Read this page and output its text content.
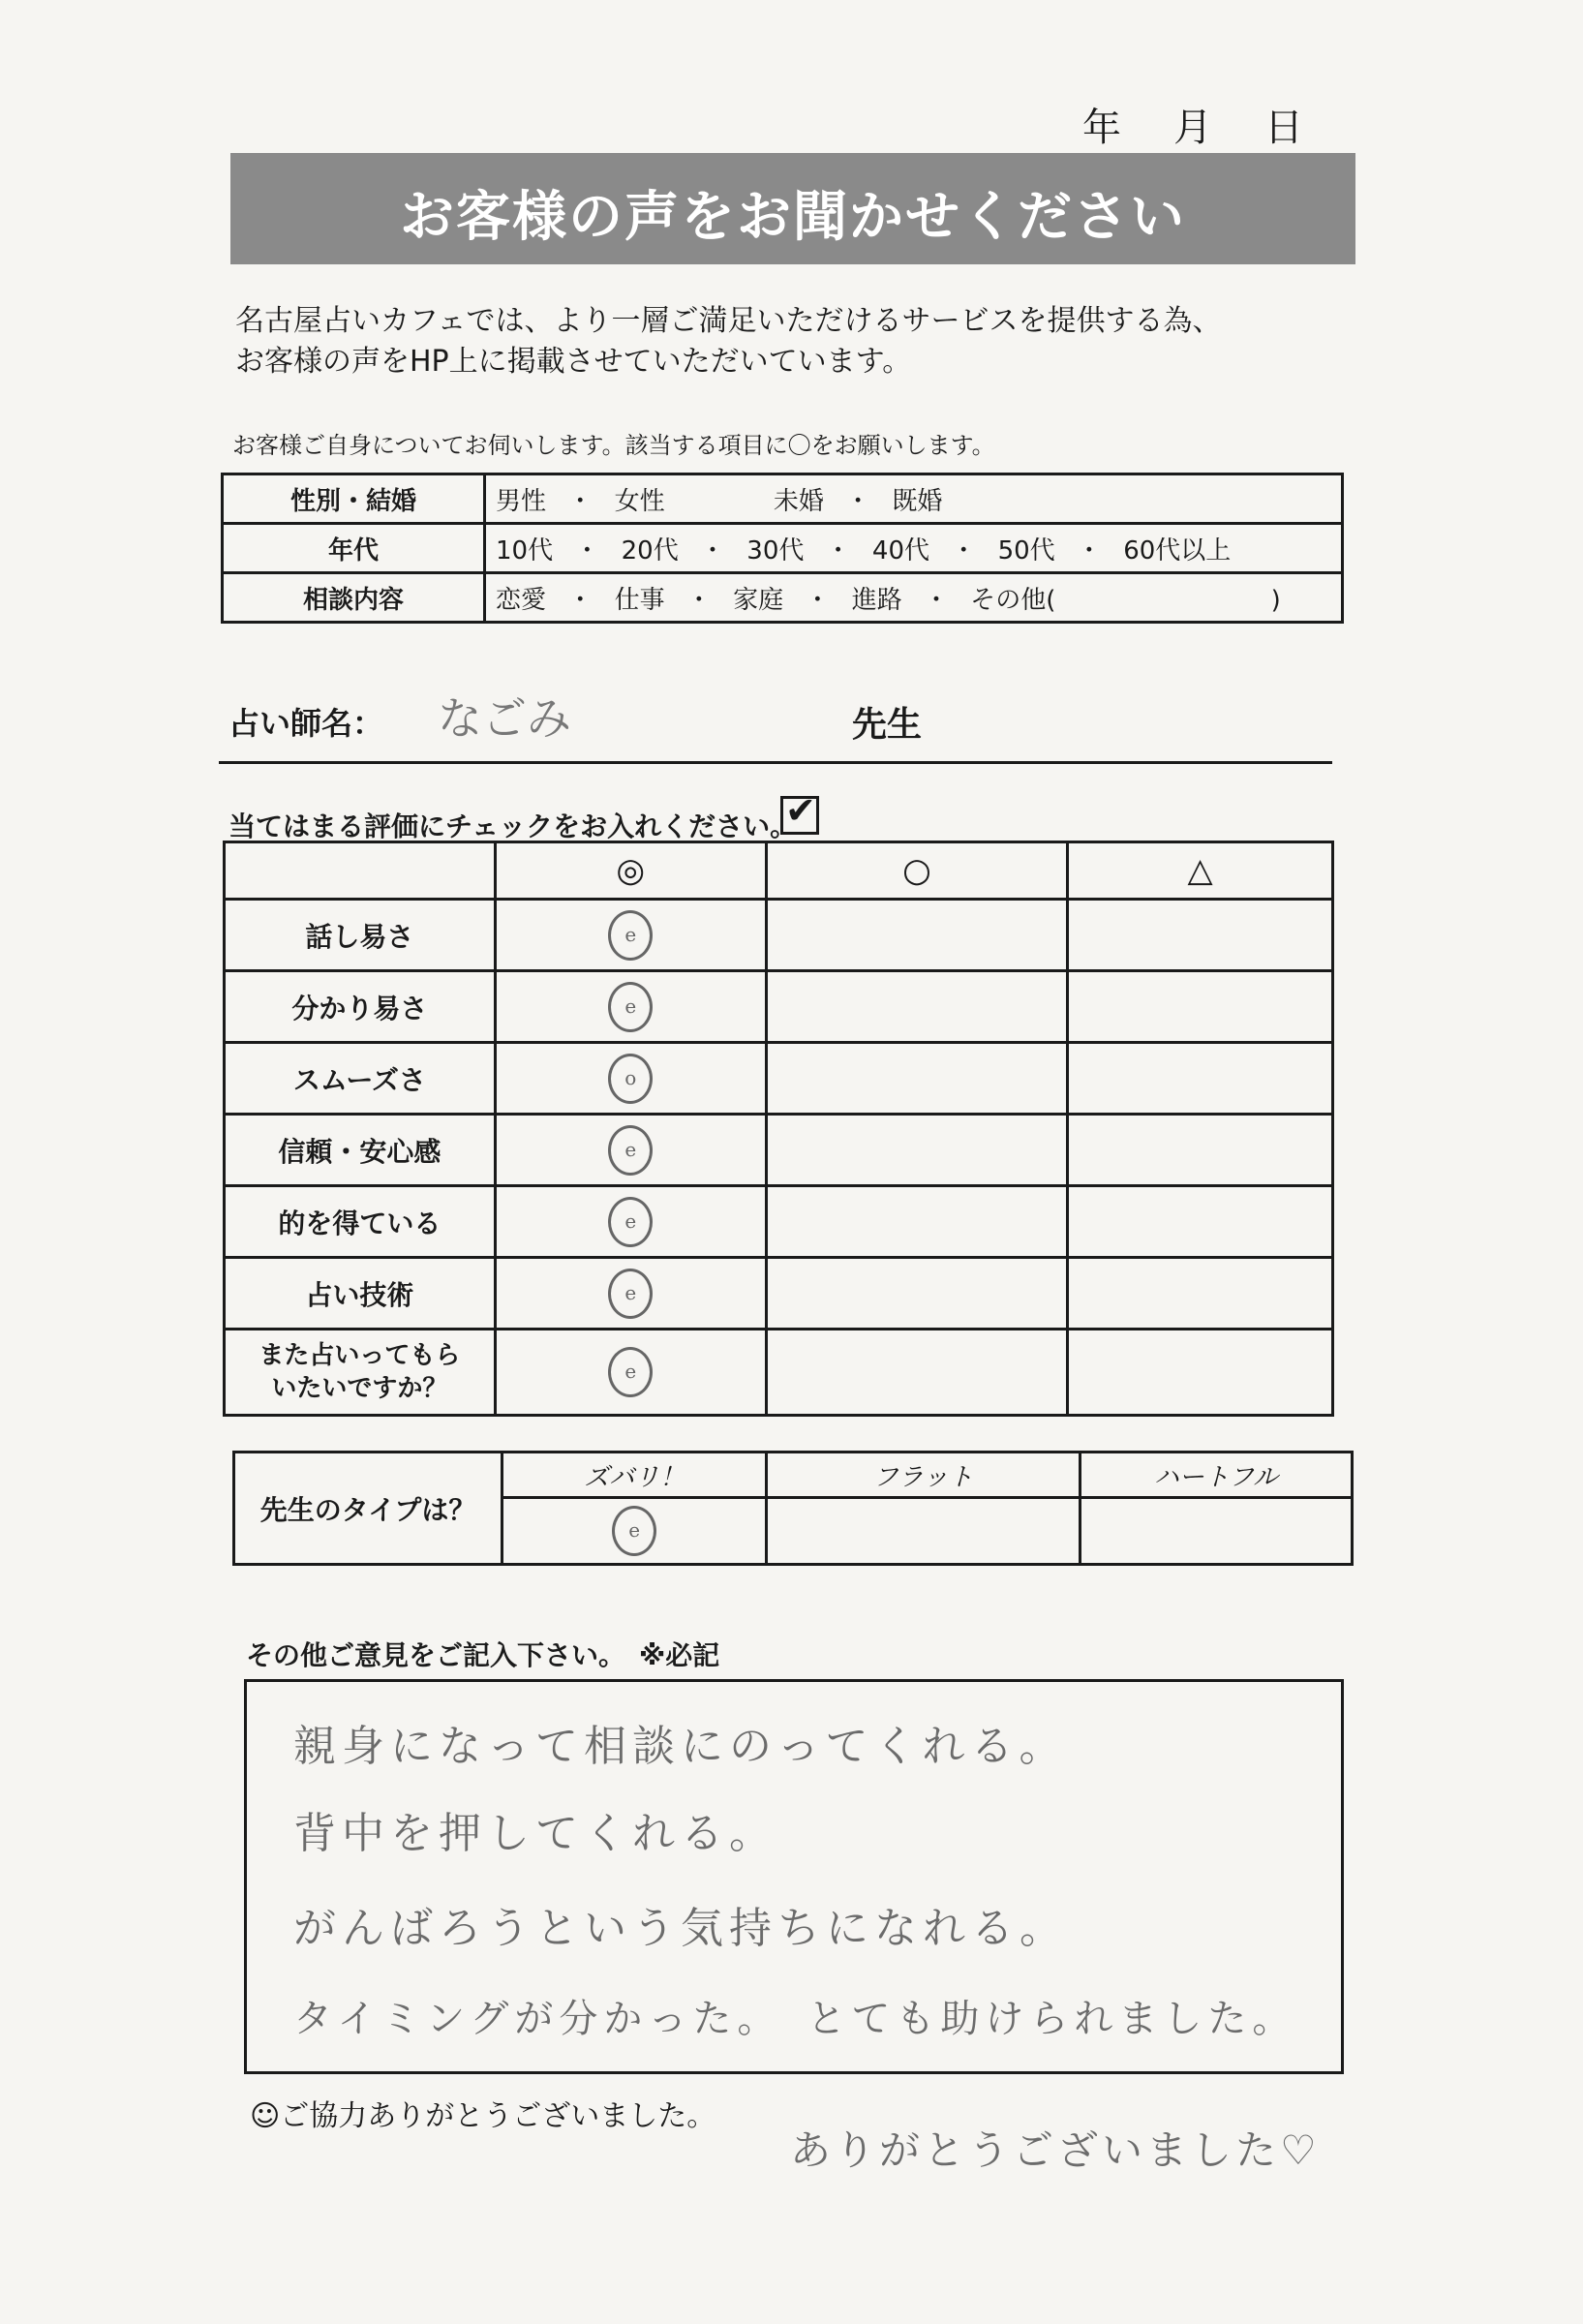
年 月 日
お客様の声をお聞かせください
名古屋占いカフェでは、より一層ご満足いただけるサービスを提供する為、
お客様の声をHP上に掲載させていただいています。
お客様ご自身についてお伺いします。該当する項目に〇をお願いします。
性別・結婚	男性 ・ 女性 未婚 ・ 既婚
年代	10代 ・ 20代 ・ 30代 ・ 40代 ・ 50代 ・ 60代以上
相談内容	恋愛 ・ 仕事 ・ 家庭 ・ 進路 ・ その他( )
占い師名： なごみ	先生
当てはまる評価にチェックをお入れください。
✔
	◎	○	△
話し易さ	e		
分かり易さ	e		
スムーズさ	o		
信頼・安心感	e		
的を得ている	e		
占い技術	e		
また占いってもら
いたいですか？	e		
先生のタイプは？	ズバリ！	フラット	ハートフル
	e		
その他ご意見をご記入下さい。　※必記
親身になって相談にのってくれる。
背中を押してくれる。
がんばろうという気持ちになれる。
タイミングが分かった。　とても助けられました。
☺ご協力ありがとうございました。
ありがとうございました♡
